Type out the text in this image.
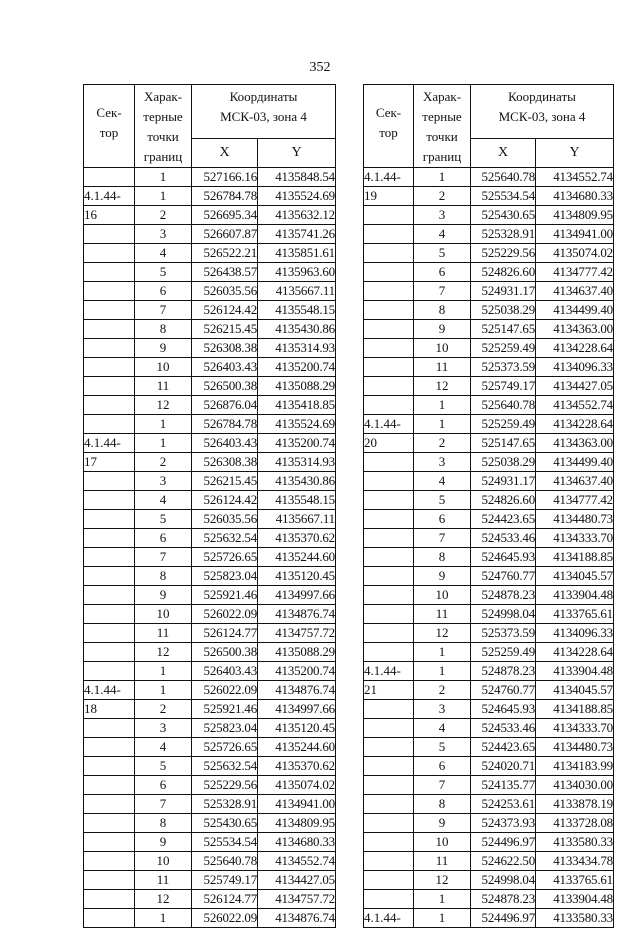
352
Сек-
тор	Харак-
терные
точки
границ	Координаты
МСК-03, зона 4	

		X	Y
	1	527166.16	4135848.54
4.1.44-	1	526784.78	4135524.69
16	2	526695.34	4135632.12
	3	526607.87	4135741.26
	4	526522.21	4135851.61
	5	526438.57	4135963.60
	6	526035.56	4135667.11
	7	526124.42	4135548.15
	8	526215.45	4135430.86
	9	526308.38	4135314.93
	10	526403.43	4135200.74
	11	526500.38	4135088.29
	12	526876.04	4135418.85
	1	526784.78	4135524.69
4.1.44-	1	526403.43	4135200.74
17	2	526308.38	4135314.93
	3	526215.45	4135430.86
	4	526124.42	4135548.15
	5	526035.56	4135667.11
	6	525632.54	4135370.62
	7	525726.65	4135244.60
	8	525823.04	4135120.45
	9	525921.46	4134997.66
	10	526022.09	4134876.74
	11	526124.77	4134757.72
	12	526500.38	4135088.29
	1	526403.43	4135200.74
4.1.44-	1	526022.09	4134876.74
18	2	525921.46	4134997.66
	3	525823.04	4135120.45
	4	525726.65	4135244.60
	5	525632.54	4135370.62
	6	525229.56	4135074.02
	7	525328.91	4134941.00
	8	525430.65	4134809.95
	9	525534.54	4134680.33
	10	525640.78	4134552.74
	11	525749.17	4134427.05
	12	526124.77	4134757.72
	1	526022.09	4134876.74
Сек-
тор	Харак-
терные
точки
границ	Координаты
МСК-03, зона 4	

		X	Y
4.1.44-	1	525640.78	4134552.74
19	2	525534.54	4134680.33
	3	525430.65	4134809.95
	4	525328.91	4134941.00
	5	525229.56	4135074.02
	6	524826.60	4134777.42
	7	524931.17	4134637.40
	8	525038.29	4134499.40
	9	525147.65	4134363.00
	10	525259.49	4134228.64
	11	525373.59	4134096.33
	12	525749.17	4134427.05
	1	525640.78	4134552.74
4.1.44-	1	525259.49	4134228.64
20	2	525147.65	4134363.00
	3	525038.29	4134499.40
	4	524931.17	4134637.40
	5	524826.60	4134777.42
	6	524423.65	4134480.73
	7	524533.46	4134333.70
	8	524645.93	4134188.85
	9	524760.77	4134045.57
	10	524878.23	4133904.48
	11	524998.04	4133765.61
	12	525373.59	4134096.33
	1	525259.49	4134228.64
4.1.44-	1	524878.23	4133904.48
21	2	524760.77	4134045.57
	3	524645.93	4134188.85
	4	524533.46	4134333.70
	5	524423.65	4134480.73
	6	524020.71	4134183.99
	7	524135.77	4134030.00
	8	524253.61	4133878.19
	9	524373.93	4133728.08
	10	524496.97	4133580.33
	11	524622.50	4133434.78
	12	524998.04	4133765.61
	1	524878.23	4133904.48
4.1.44-	1	524496.97	4133580.33
